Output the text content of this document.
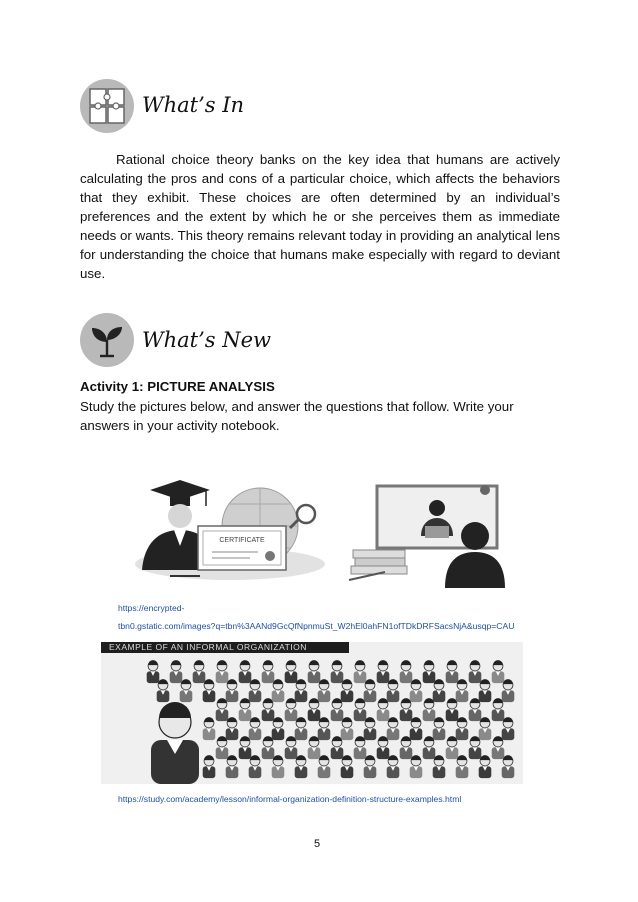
What’s In
Rational choice theory banks on the key idea that humans are actively calculating the pros and cons of a particular choice, which affects the behaviors that they exhibit. These choices are often determined by an individual’s preferences and the extent by which he or she perceives them as immediate needs or wants. This theory remains relevant today in providing an analytical lens for understanding the choice that humans make especially with regard to deviant use.
What’s New
Activity 1: PICTURE ANALYSIS
Study the pictures below, and answer the questions that follow. Write your answers in your activity notebook.
CERTIFICATE
https://encrypted-
tbn0.gstatic.com/images?q=tbn%3AANd9GcQfNpnmuSt_W2hEl0ahFN1ofTDkDRFSacsNjA&usqp=CAU
EXAMPLE OF AN INFORMAL ORGANIZATION
https://study.com/academy/lesson/informal-organization-definition-structure-examples.html
5
